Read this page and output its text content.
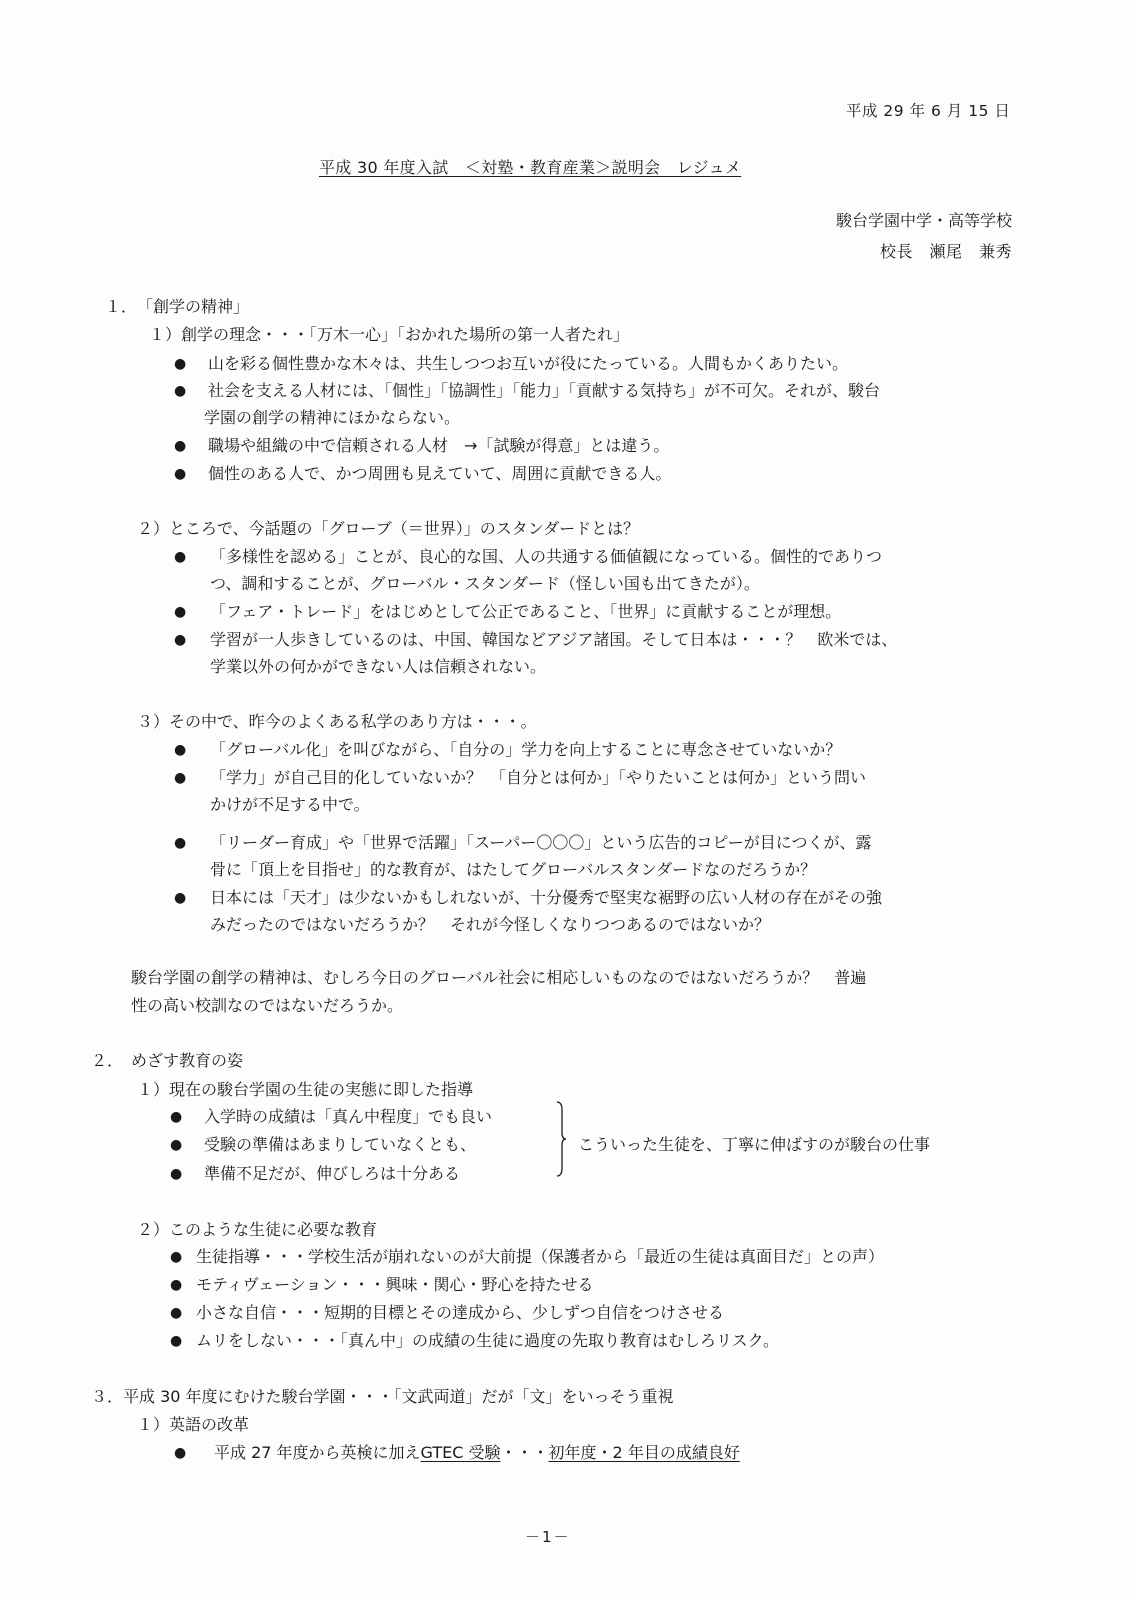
平成 29 年 6 月 15 日
平成 30 年度入試　＜対塾・教育産業＞説明会　レジュメ
駿台学園中学・高等学校
校長　瀬尾　兼秀
１．　「創学の精神」
１）創学の理念・・・「万木一心」「おかれた場所の第一人者たれ」
● 山を彩る個性豊かな木々は、共生しつつお互いが役にたっている。人間もかくありたい。
● 社会を支える人材には、「個性」「協調性」「能力」「貢献する気持ち」が不可欠。それが、駿台
学園の創学の精神にほかならない。
● 職場や組織の中で信頼される人材　→「試験が得意」とは違う。
● 個性のある人で、かつ周囲も見えていて、周囲に貢献できる人。
２）ところで、今話題の「グローブ（＝世界）」のスタンダードとは？
● 「多様性を認める」ことが、良心的な国、人の共通する価値観になっている。個性的でありつ
つ、調和することが、グローバル・スタンダード（怪しい国も出てきたが）。
● 「フェア・トレード」をはじめとして公正であること、「世界」に貢献することが理想。
● 学習が一人歩きしているのは、中国、韓国などアジア諸国。そして日本は・・・？　欧米では、
学業以外の何かができない人は信頼されない。
３）その中で、昨今のよくある私学のあり方は・・・。
● 「グローバル化」を叫びながら、「自分の」学力を向上することに専念させていないか？
● 「学力」が自己目的化していないか？　「自分とは何か」「やりたいことは何か」という問い
かけが不足する中で。
● 「リーダー育成」や「世界で活躍」「スーパー〇〇〇」という広告的コピーが目につくが、露
骨に「頂上を目指せ」的な教育が、はたしてグローバルスタンダードなのだろうか？
● 日本には「天才」は少ないかもしれないが、十分優秀で堅実な裾野の広い人材の存在がその強
みだったのではないだろうか？　それが今怪しくなりつつあるのではないか？
駿台学園の創学の精神は、むしろ今日のグローバル社会に相応しいものなのではないだろうか？　普遍
性の高い校訓なのではないだろうか。
２．　めざす教育の姿
１）現在の駿台学園の生徒の実態に即した指導
● 入学時の成績は「真ん中程度」でも良い
● 受験の準備はあまりしていなくとも、
● 準備不足だが、伸びしろは十分ある
こういった生徒を、丁寧に伸ばすのが駿台の仕事
２）このような生徒に必要な教育
● 生徒指導・・・学校生活が崩れないのが大前提（保護者から「最近の生徒は真面目だ」との声）
● モティヴェーション・・・興味・関心・野心を持たせる
● 小さな自信・・・短期的目標とその達成から、少しずつ自信をつけさせる
● ムリをしない・・・「真ん中」の成績の生徒に過度の先取り教育はむしろリスク。
３．平成 30 年度にむけた駿台学園・・・「文武両道」だが「文」をいっそう重視
１）英語の改革
● 平成 27 年度から英検に加えGTEC 受験・・・初年度・2 年目の成績良好
－1－
